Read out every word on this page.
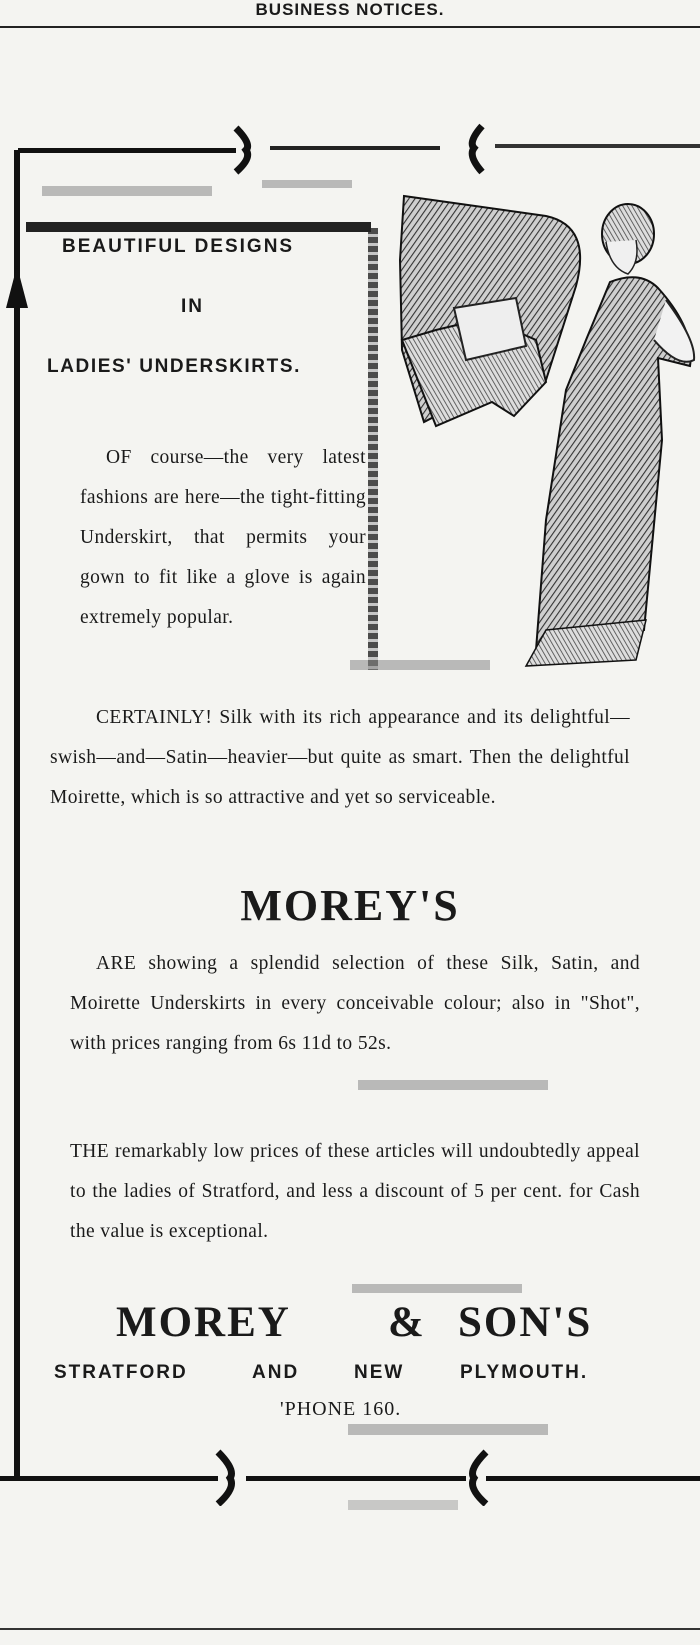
BUSINESS NOTICES.
BEAUTIFUL DESIGNS
IN
LADIES' UNDERSKIRTS.

OF course—the very latest fashions are here—the tight-fitting Underskirt, that permits your gown to fit like a glove is again extremely popular.

CERTAINLY! Silk with its rich appearance and its delightful—swish—and—Satin—heavier—but quite as smart. Then the delightful Moirette, which is so attractive and yet so serviceable.

MOREY'S

ARE showing a splendid selection of these Silk, Satin, and Moirette Underskirts in every conceivable colour; also in "Shot", with prices ranging from 6s 11d to 52s.

THE remarkably low prices of these articles will undoubtedly appeal to the ladies of Stratford, and less a discount of 5 per cent. for Cash the value is exceptional.

MOREY & SON'S
STRATFORD	AND	NEW	PLYMOUTH.
'PHONE 160.
